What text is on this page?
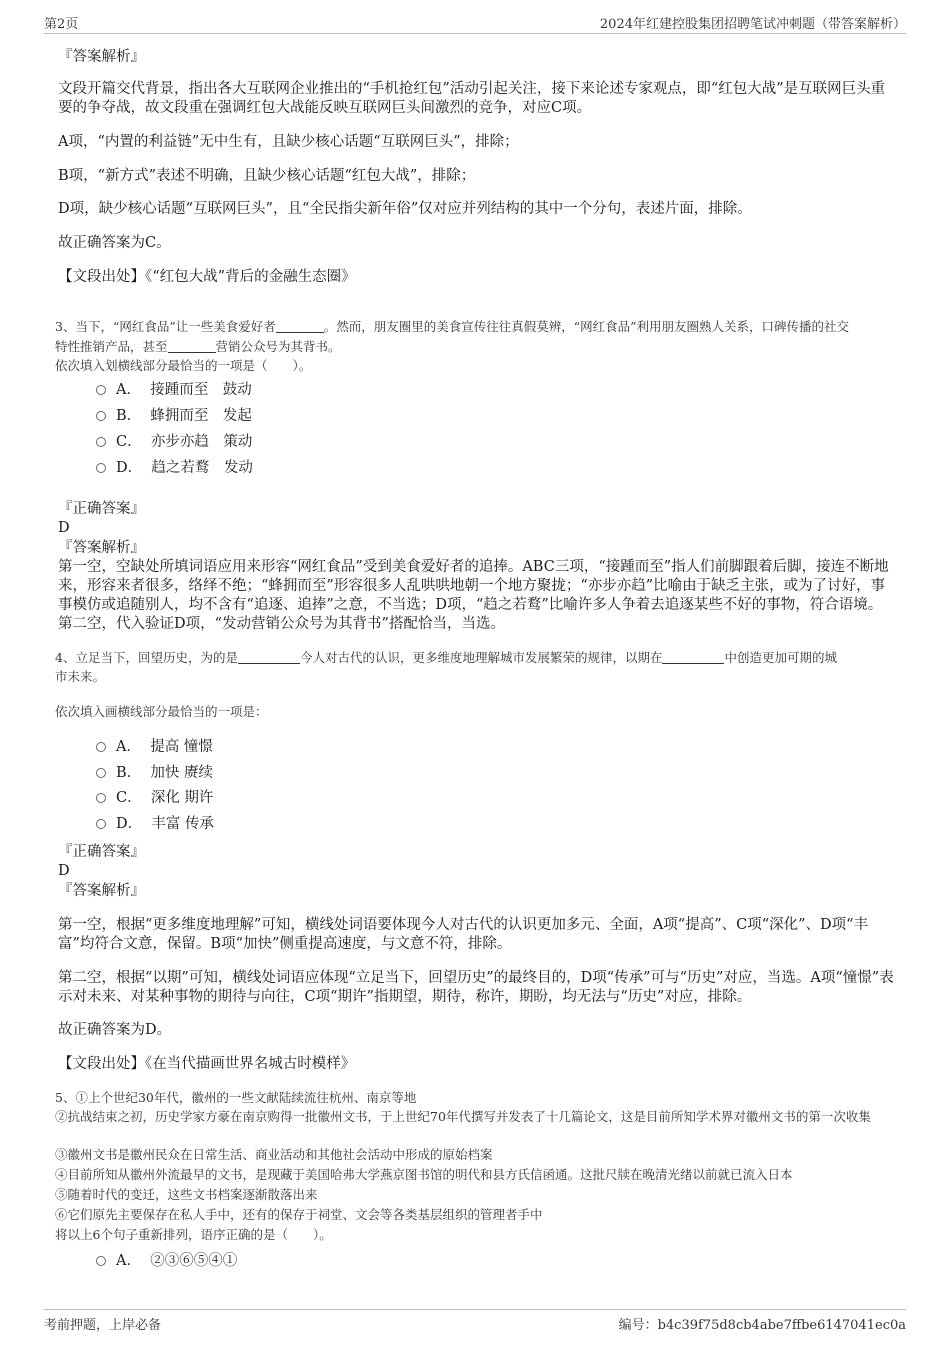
第2页	2024年红建控股集团招聘笔试冲刺题（带答案解析）
『答案解析』
文段开篇交代背景，指出各大互联网企业推出的“手机抢红包”活动引起关注，接下来论述专家观点，即“红包大战”是互联网巨头重要的争夺战，故文段重在强调红包大战能反映互联网巨头间激烈的竞争，对应C项。
A项，“内置的利益链”无中生有，且缺少核心话题“互联网巨头”，排除；
B项，“新方式”表述不明确，且缺少核心话题“红包大战”，排除；
D项，缺少核心话题“互联网巨头”，且“全民指尖新年俗”仅对应并列结构的其中一个分句，表述片面，排除。
故正确答案为C。
【文段出处】《“红包大战”背后的金融生态圈》
3、当下，“网红食品”让一些美食爱好者	。然而，朋友圈里的美食宣传往往真假莫辨，“网红食品”利用朋友圈熟人关系，口碑传播的社交
特性推销产品，甚至	营销公众号为其背书。
依次填入划横线部分最恰当的一项是（　　）。
A． 接踵而至　鼓动
B． 蜂拥而至　发起
C． 亦步亦趋　策动
D． 趋之若鹜　发动
『正确答案』
D
『答案解析』
第一空，空缺处所填词语应用来形容“网红食品”受到美食爱好者的追捧。ABC三项，“接踵而至”指人们前脚跟着后脚，接连不断地来，形容来者很多，络绎不绝；“蜂拥而至”形容很多人乱哄哄地朝一个地方聚拢；“亦步亦趋”比喻由于缺乏主张，或为了讨好，事事模仿或追随别人，均不含有“追逐、追捧”之意，不当选；D项，“趋之若鹜”比喻许多人争着去追逐某些不好的事物，符合语境。第二空，代入验证D项，“发动营销公众号为其背书”搭配恰当，当选。
4、立足当下，回望历史，为的是	今人对古代的认识，更多维度地理解城市发展繁荣的规律，以期在	中创造更加可期的城
市未来。
依次填入画横线部分最恰当的一项是：
A． 提高 憧憬
B． 加快 赓续
C． 深化 期许
D． 丰富 传承
『正确答案』
D
『答案解析』
第一空，根据“更多维度地理解”可知，横线处词语要体现今人对古代的认识更加多元、全面，A项“提高”、C项“深化”、D项“丰富”均符合文意，保留。B项“加快”侧重提高速度，与文意不符，排除。
第二空，根据“以期”可知，横线处词语应体现“立足当下，回望历史”的最终目的，D项“传承”可与“历史”对应，当选。A项“憧憬”表示对未来、对某种事物的期待与向往，C项“期许”指期望，期待，称许，期盼，均无法与“历史”对应，排除。
故正确答案为D。
【文段出处】《在当代描画世界名城古时模样》
5、①上个世纪30年代，徽州的一些文献陆续流往杭州、南京等地
②抗战结束之初，历史学家方豪在南京购得一批徽州文书，于上世纪70年代撰写并发表了十几篇论文，这是目前所知学术界对徽州文书的第一次收集
③徽州文书是徽州民众在日常生活、商业活动和其他社会活动中形成的原始档案
④目前所知从徽州外流最早的文书，是现藏于美国哈弗大学燕京图书馆的明代和县方氏信函通。这批尺牍在晚清光绪以前就已流入日本
⑤随着时代的变迁，这些文书档案逐渐散落出来
⑥它们原先主要保存在私人手中，还有的保存于祠堂、文会等各类基层组织的管理者手中
将以上6个句子重新排列，语序正确的是（　　）。
A． ②③⑥⑤④①
考前押题，上岸必备	编号：b4c39f75d8cb4abe7ffbe6147041ec0a
